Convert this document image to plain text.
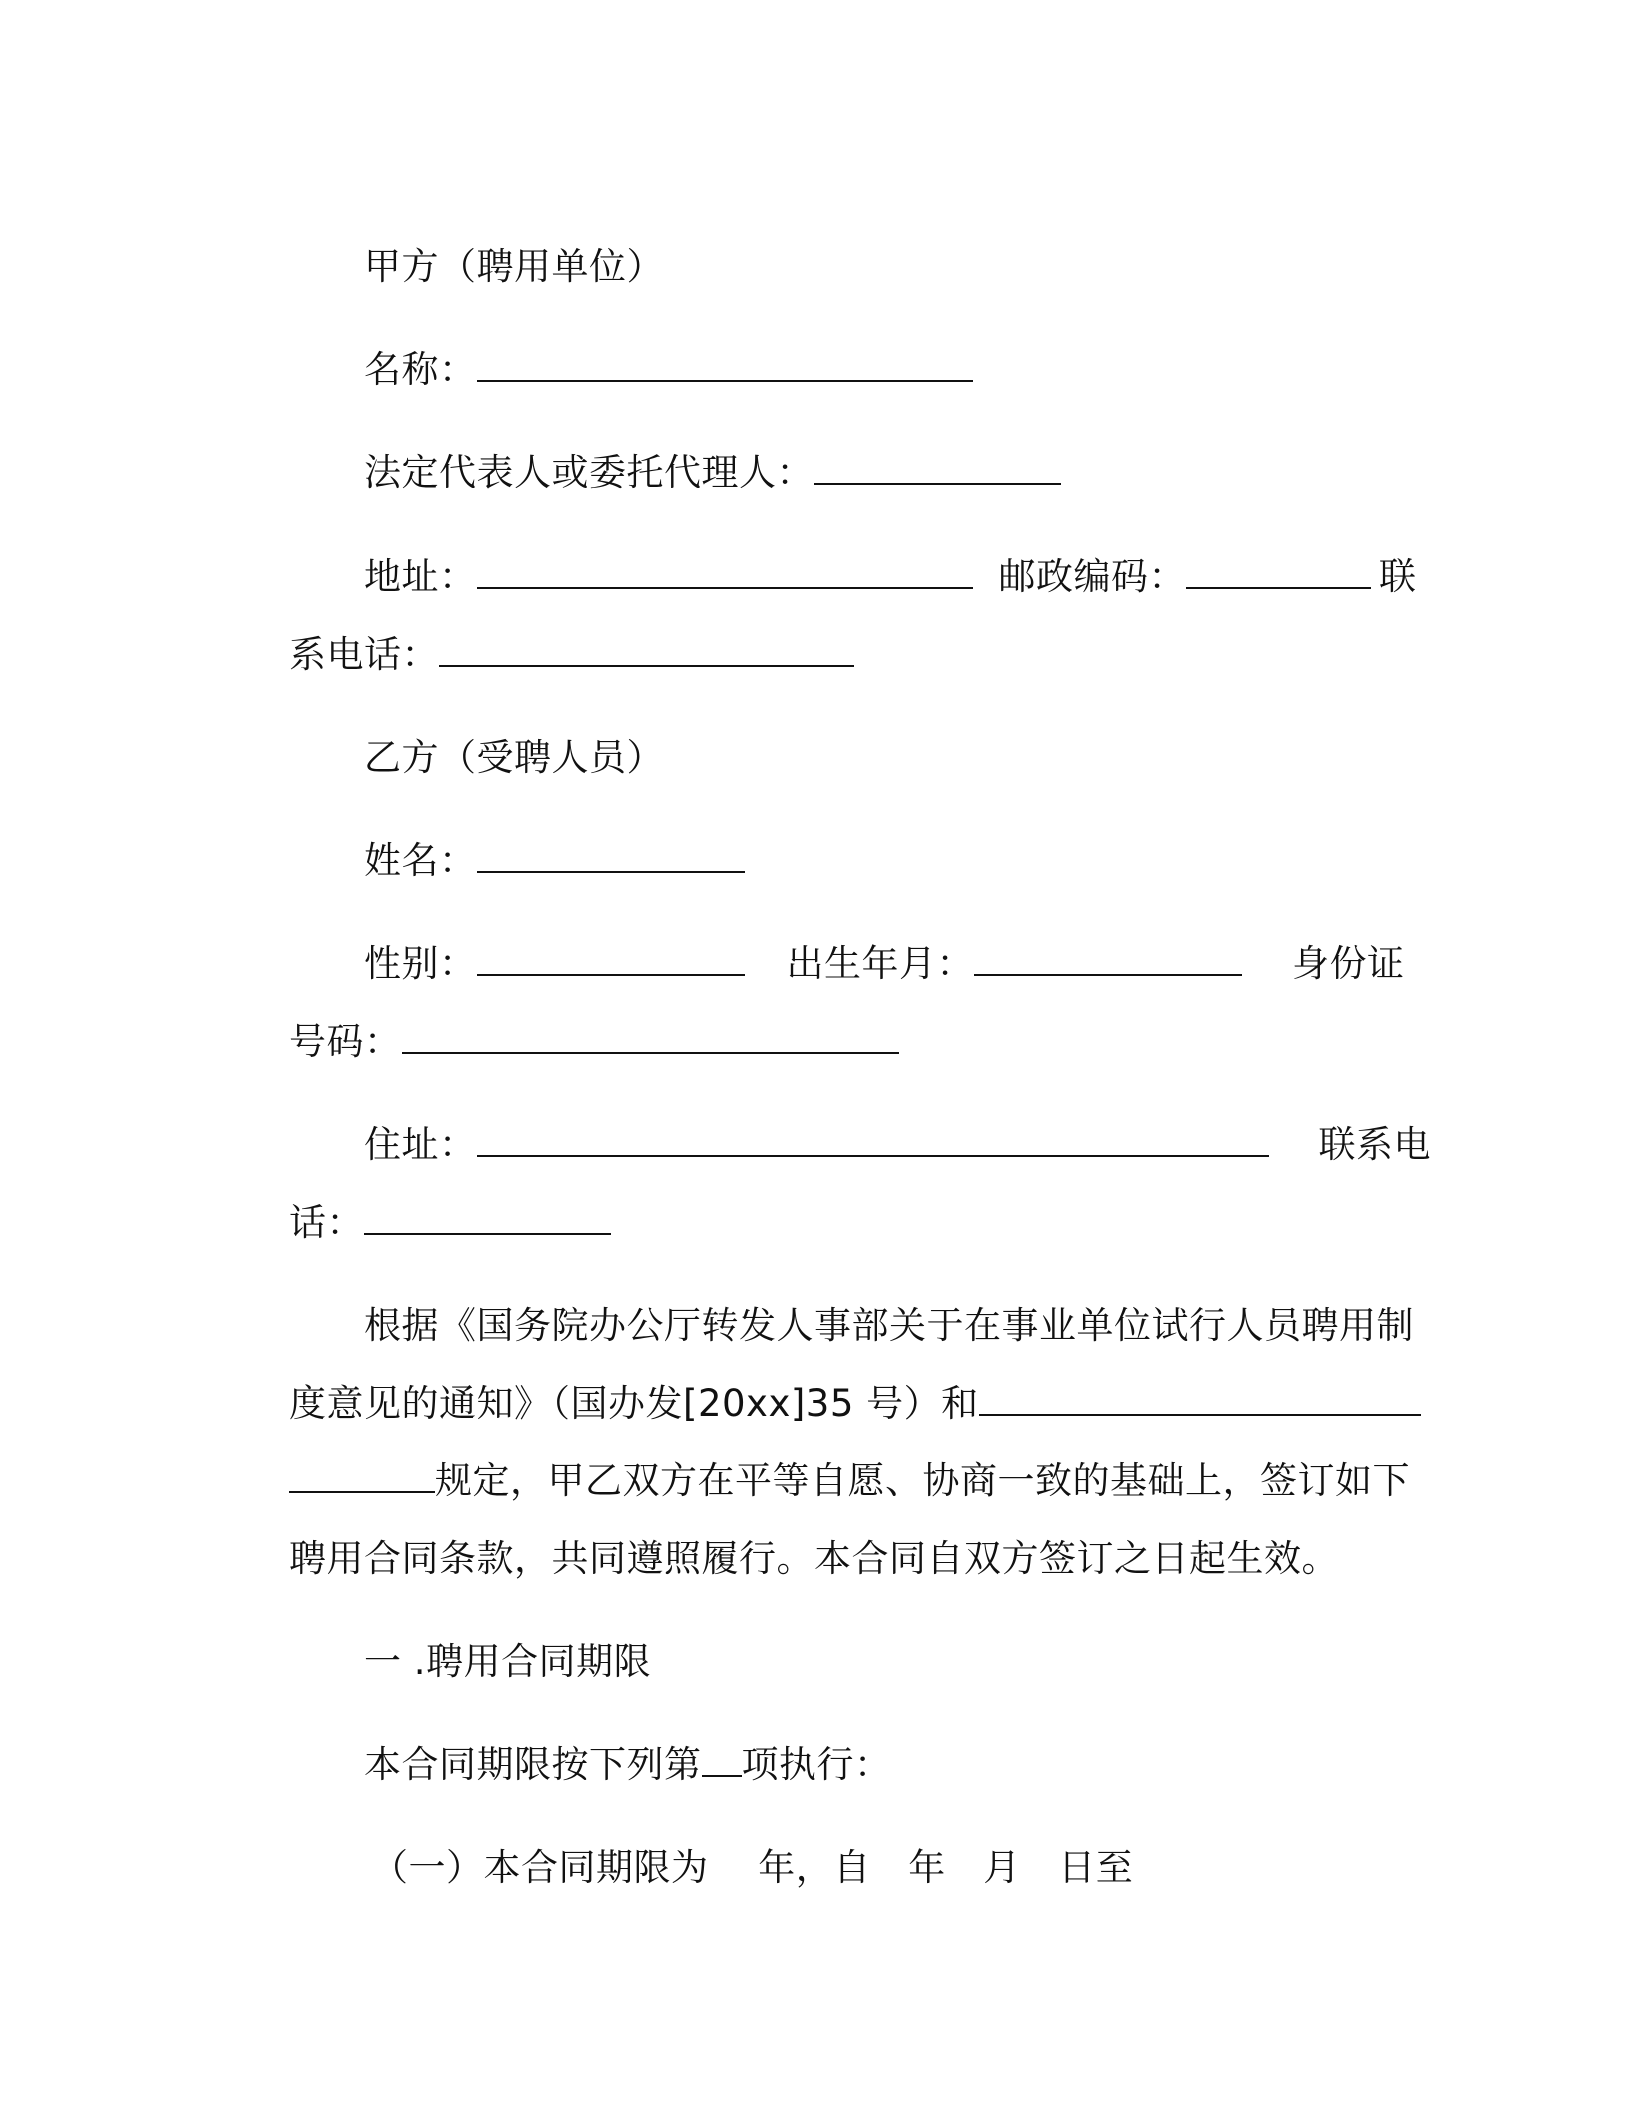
甲方（聘用单位）

名称：

法定代表人或委托代理人：

地址：	邮政编码：	联

系电话：

乙方（受聘人员）

姓名：

性别：	出生年月：	身份证

号码：

住址：	联系电

话：

根据《国务院办公厅转发人事部关于在事业单位试行人员聘用制

度意见的通知》（国办发[20xx]35 号）和

规定，甲乙双方在平等自愿、协商一致的基础上，签订如下

聘用合同条款，共同遵照履行。本合同自双方签订之日起生效。

一 .聘用合同期限

本合同期限按下列第 项执行：

（一）本合同期限为　 年，自　年　月　日至
